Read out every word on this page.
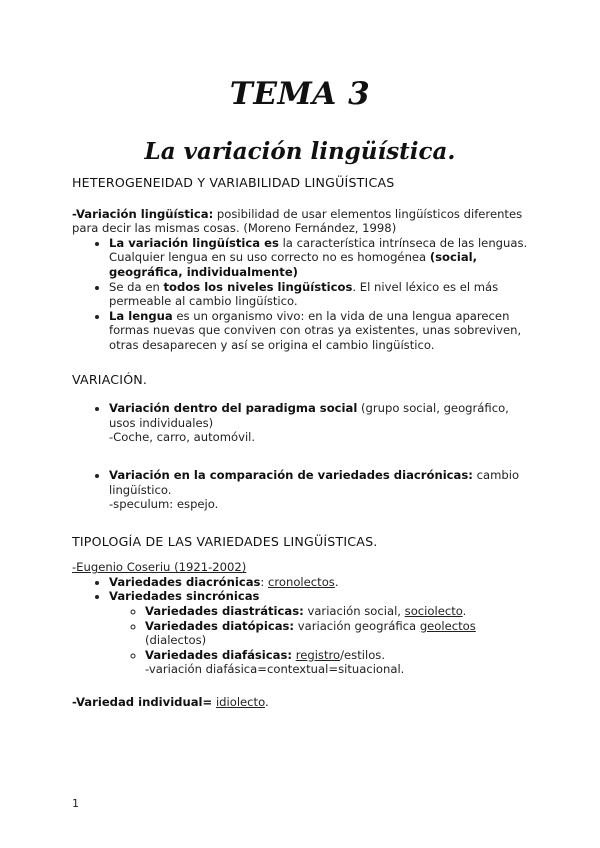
TEMA 3
La variación lingüística.
HETEROGENEIDAD Y VARIABILIDAD LINGÜÍSTICAS

-Variación lingüística: posibilidad de usar elementos lingüísticos diferentes para decir las mismas cosas. (Moreno Fernández, 1998)

• La variación lingüística es la característica intrínseca de las lenguas. Cualquier lengua en su uso correcto no es homogénea (social, geográfica, individualmente)
• Se da en todos los niveles lingüísticos. El nivel léxico es el más permeable al cambio lingüístico.
• La lengua es un organismo vivo: en la vida de una lengua aparecen formas nuevas que conviven con otras ya existentes, unas sobreviven, otras desaparecen y así se origina el cambio lingüístico.
VARIACIÓN.
• Variación dentro del paradigma social (grupo social, geográfico, usos individuales)
-Coche, carro, automóvil.
• Variación en la comparación de variedades diacrónicas: cambio lingüístico.
-speculum: espejo.
TIPOLOGÍA DE LAS VARIEDADES LINGÜÍSTICAS.

-Eugenio Coseriu (1921-2002)

• Variedades diacrónicas: cronolectos.
• Variedades sincrónicas
◦ Variedades diastráticas: variación social, sociolecto.
◦ Variedades diatópicas: variación geográfica geolectos (dialectos)
◦ Variedades diafásicas: registro/estilos.
-variación diafásica=contextual=situacional.

-Variedad individual= idiolecto.

1
